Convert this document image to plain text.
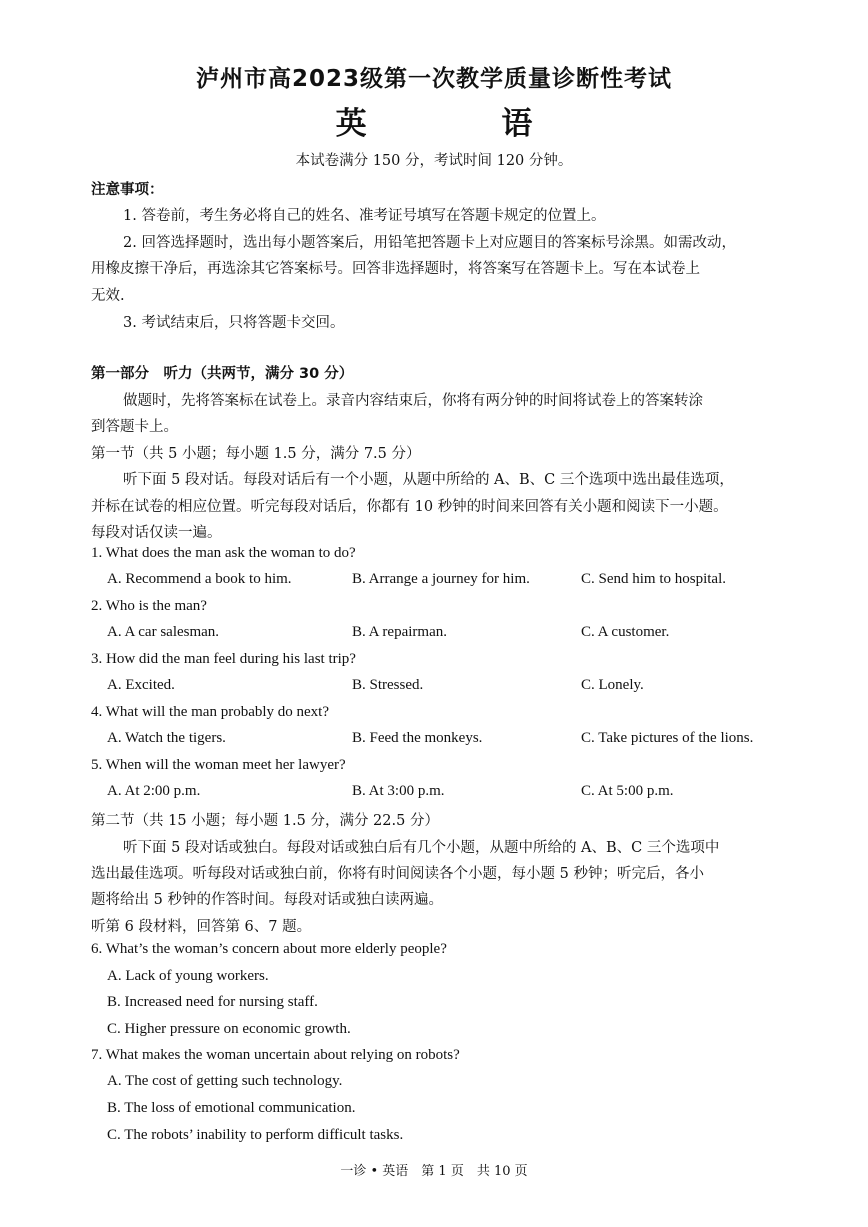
泸州市高2023级第一次教学质量诊断性考试
英 语
本试卷满分 150 分，考试时间 120 分钟。
注意事项：
1. 答卷前，考生务必将自己的姓名、准考证号填写在答题卡规定的位置上。
2. 回答选择题时，选出每小题答案后，用铅笔把答题卡上对应题目的答案标号涂黑。如需改动，
用橡皮擦干净后，再选涂其它答案标号。回答非选择题时，将答案写在答题卡上。写在本试卷上
无效.
3. 考试结束后，只将答题卡交回。
第一部分　听力（共两节，满分 30 分）
做题时，先将答案标在试卷上。录音内容结束后，你将有两分钟的时间将试卷上的答案转涂
到答题卡上。
第一节（共 5 小题；每小题 1.5 分，满分 7.5 分）
听下面 5 段对话。每段对话后有一个小题，从题中所给的 A、B、C 三个选项中选出最佳选项，
并标在试卷的相应位置。听完每段对话后，你都有 10 秒钟的时间来回答有关小题和阅读下一小题。
每段对话仅读一遍。
1. What does the man ask the woman to do?
A. Recommend a book to him.	B. Arrange a journey for him.	C. Send him to hospital.
2. Who is the man?
A. A car salesman.	B. A repairman.	C. A customer.
3. How did the man feel during his last trip?
A. Excited.	B. Stressed.	C. Lonely.
4. What will the man probably do next?
A. Watch the tigers.	B. Feed the monkeys.	C. Take pictures of the lions.
5. When will the woman meet her lawyer?
A. At 2:00 p.m.	B. At 3:00 p.m.	C. At 5:00 p.m.
第二节（共 15 小题；每小题 1.5 分，满分 22.5 分）
听下面 5 段对话或独白。每段对话或独白后有几个小题，从题中所给的 A、B、C 三个选项中
选出最佳选项。听每段对话或独白前，你将有时间阅读各个小题，每小题 5 秒钟；听完后，各小
题将给出 5 秒钟的作答时间。每段对话或独白读两遍。
听第 6 段材料，回答第 6、7 题。
6. What’s the woman’s concern about more elderly people?
A. Lack of young workers.
B. Increased need for nursing staff.
C. Higher pressure on economic growth.
7. What makes the woman uncertain about relying on robots?
A. The cost of getting such technology.
B. The loss of emotional communication.
C. The robots’ inability to perform difficult tasks.
一诊 • 英语　第 1 页　共 10 页
